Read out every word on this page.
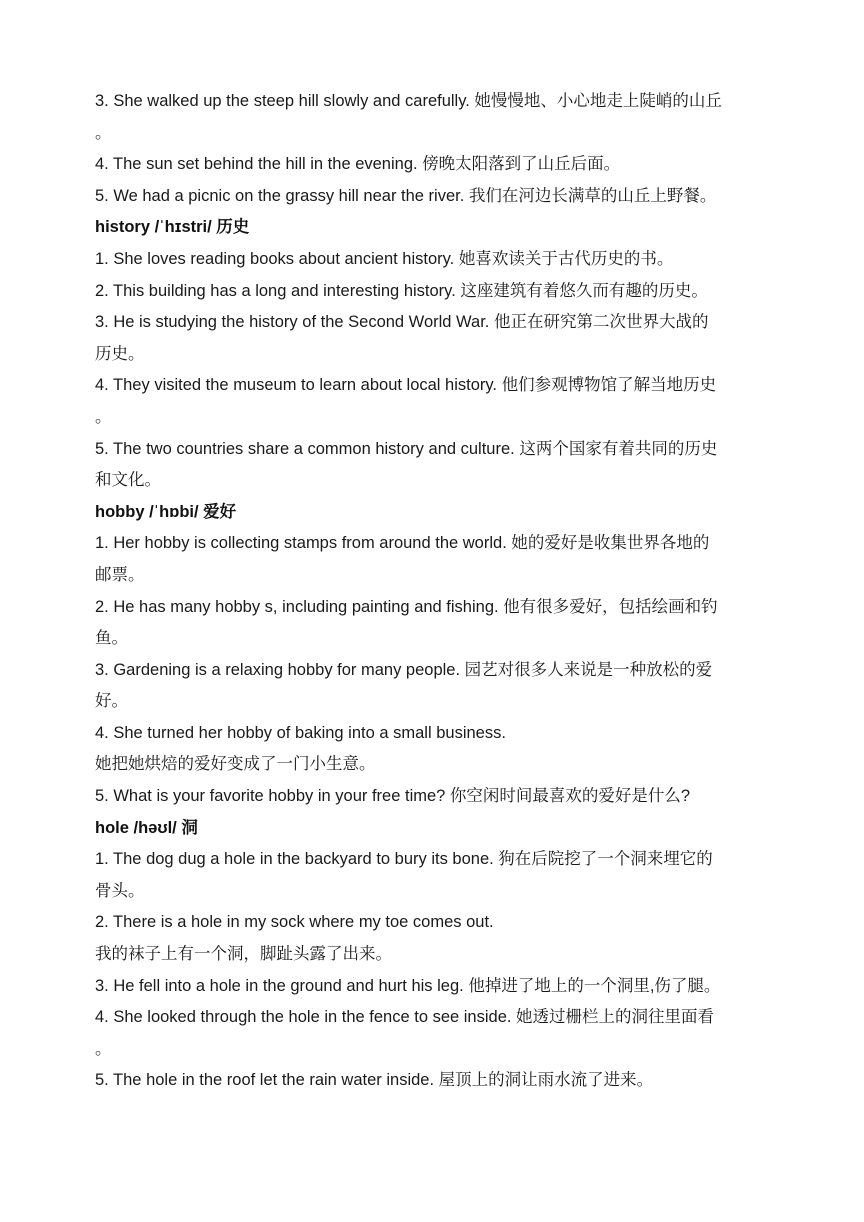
3. She walked up the steep hill slowly and carefully. 她慢慢地、小心地走上陡峭的山丘
。
4. The sun set behind the hill in the evening. 傍晚太阳落到了山丘后面。
5. We had a picnic on the grassy hill near the river. 我们在河边长满草的山丘上野餐。
history /ˈhɪstri/ 历史
1. She loves reading books about ancient history. 她喜欢读关于古代历史的书。
2. This building has a long and interesting history. 这座建筑有着悠久而有趣的历史。
3. He is studying the history of the Second World War. 他正在研究第二次世界大战的
历史。
4. They visited the museum to learn about local history. 他们参观博物馆了解当地历史
。
5. The two countries share a common history and culture. 这两个国家有着共同的历史
和文化。
hobby /ˈhɒbi/ 爱好
1. Her hobby is collecting stamps from around the world. 她的爱好是收集世界各地的
邮票。
2. He has many hobby s, including painting and fishing. 他有很多爱好，包括绘画和钓
鱼。
3. Gardening is a relaxing hobby for many people. 园艺对很多人来说是一种放松的爱
好。
4. She turned her hobby of baking into a small business.
她把她烘焙的爱好变成了一门小生意。
5. What is your favorite hobby in your free time? 你空闲时间最喜欢的爱好是什么?
hole /həʊl/ 洞
1. The dog dug a hole in the backyard to bury its bone. 狗在后院挖了一个洞来埋它的
骨头。
2. There is a hole in my sock where my toe comes out.
我的袜子上有一个洞，脚趾头露了出来。
3. He fell into a hole in the ground and hurt his leg. 他掉进了地上的一个洞里,伤了腿。
4. She looked through the hole in the fence to see inside. 她透过栅栏上的洞往里面看
。
5. The hole in the roof let the rain water inside. 屋顶上的洞让雨水流了进来。
